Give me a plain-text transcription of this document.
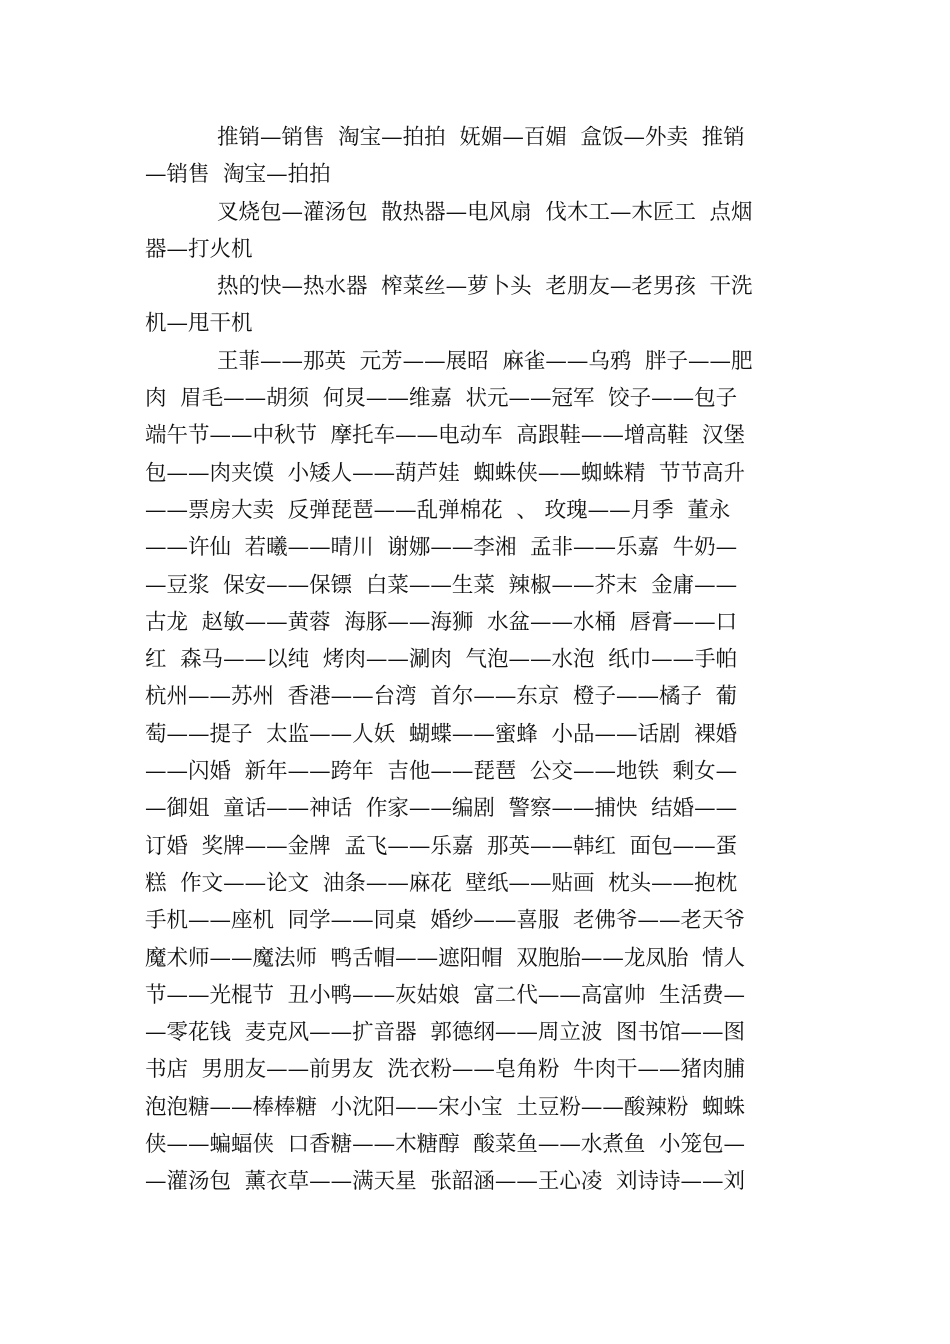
推销—销售  淘宝—拍拍  妩媚—百媚  盒饭—外卖  推销
—销售  淘宝—拍拍
叉烧包—灌汤包  散热器—电风扇  伐木工—木匠工  点烟
器—打火机
热的快—热水器  榨菜丝—萝卜头  老朋友—老男孩  干洗
机—甩干机
王菲——那英  元芳——展昭  麻雀——乌鸦  胖子——肥
肉  眉毛——胡须  何炅——维嘉  状元——冠军  饺子——包子
端午节——中秋节  摩托车——电动车  高跟鞋——增高鞋  汉堡
包——肉夹馍  小矮人——葫芦娃  蜘蛛侠——蜘蛛精  节节高升
——票房大卖  反弹琵琶——乱弹棉花  、 玫瑰——月季  董永
——许仙  若曦——晴川  谢娜——李湘  孟非——乐嘉  牛奶—
—豆浆  保安——保镖  白菜——生菜  辣椒——芥末  金庸——
古龙  赵敏——黄蓉  海豚——海狮  水盆——水桶  唇膏——口
红  森马——以纯  烤肉——涮肉  气泡——水泡  纸巾——手帕
杭州——苏州  香港——台湾  首尔——东京  橙子——橘子  葡
萄——提子  太监——人妖  蝴蝶——蜜蜂  小品——话剧  裸婚
——闪婚  新年——跨年  吉他——琵琶  公交——地铁  剩女—
—御姐  童话——神话  作家——编剧  警察——捕快  结婚——
订婚  奖牌——金牌  孟飞——乐嘉  那英——韩红  面包——蛋
糕  作文——论文  油条——麻花  壁纸——贴画  枕头——抱枕
手机——座机  同学——同桌  婚纱——喜服  老佛爷——老天爷
魔术师——魔法师  鸭舌帽——遮阳帽  双胞胎——龙凤胎  情人
节——光棍节  丑小鸭——灰姑娘  富二代——高富帅  生活费—
—零花钱  麦克风——扩音器  郭德纲——周立波  图书馆——图
书店  男朋友——前男友  洗衣粉——皂角粉  牛肉干——猪肉脯
泡泡糖——棒棒糖  小沈阳——宋小宝  土豆粉——酸辣粉  蜘蛛
侠——蝙蝠侠  口香糖——木糖醇  酸菜鱼——水煮鱼  小笼包—
—灌汤包  薰衣草——满天星  张韶涵——王心凌  刘诗诗——刘
